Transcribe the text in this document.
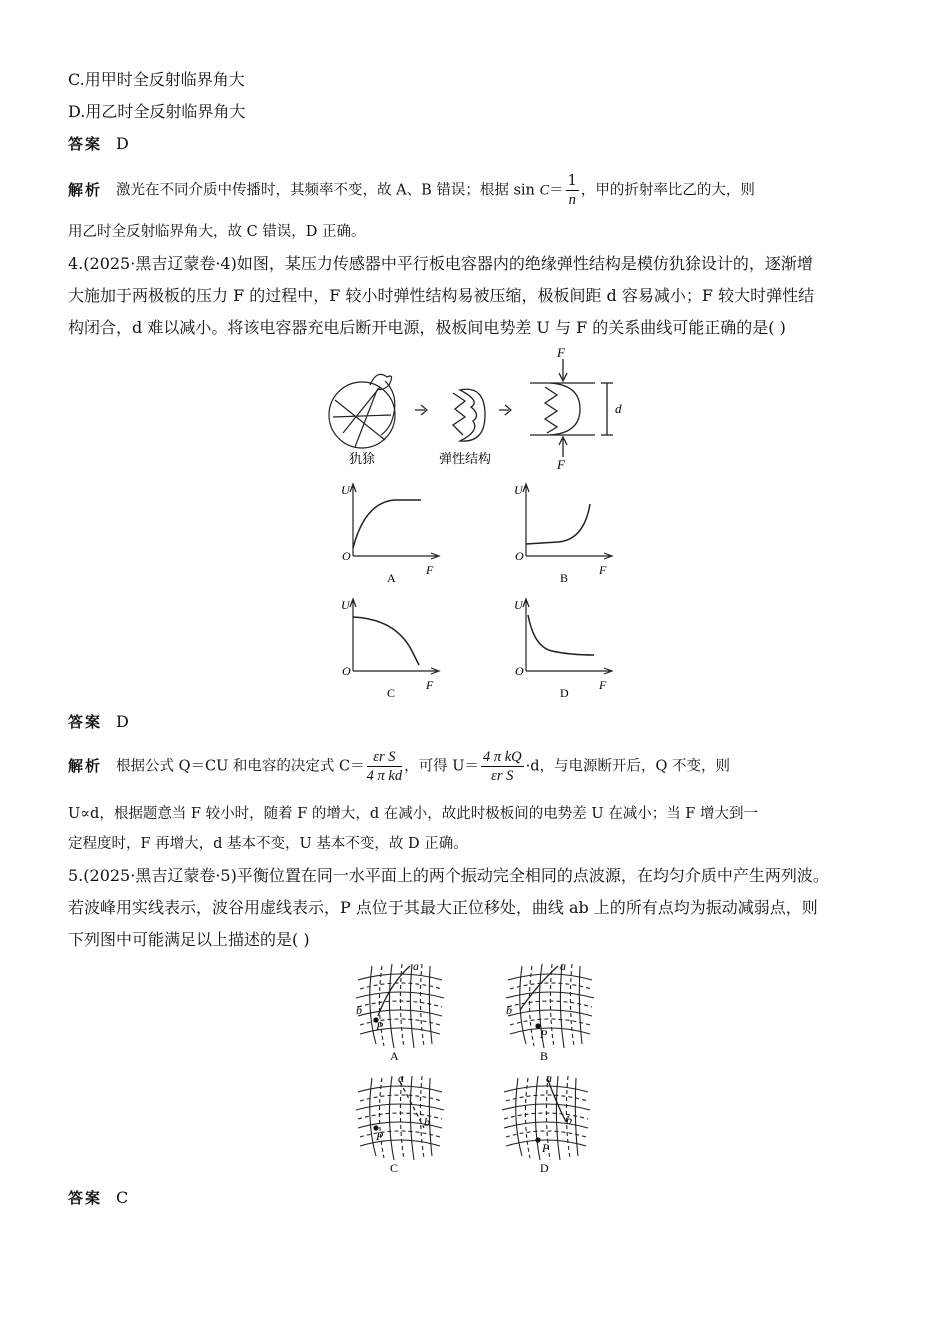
C.用甲时全反射临界角大
D.用乙时全反射临界角大
答案 D
解析 激光在不同介质中传播时，其频率不变，故 A、B 错误；根据 $\sin C= \frac{1}{n}$ ，甲的折射率比乙的大，则
用乙时全反射临界角大，故 C 错误，D 正确。
4.(2025·黑吉辽蒙卷·4)如图，某压力传感器中平行板电容器内的绝缘弹性结构是模仿犰狳设计的，逐渐增
大施加于两极板的压力 F 的过程中，F 较小时弹性结构易被压缩，极板间距 d 容易减小；F 较大时弹性结
构闭合，d 难以减小。将该电容器充电后断开电源，极板间电势差 U 与 F 的关系曲线可能正确的是( )
犰狳	弹性结构
F
F
d
U
O
F
A
U
O
F
B
U
O
F
C
U
O
F
D
答案 D
解析 根据公式 Q＝CU 和电容的决定式 $C= \frac{\text{εr S}}{\text{4 π kd}}$ ，可得 $U= \frac{\text{4 π kQ}}{\text{εr S}} \cdot d$，与电源断开后，Q 不变，则
U∝d，根据题意当 F 较小时，随着 F 的增大，d 在减小，故此时极板间的电势差 U 在减小；当 F 增大到一
定程度时，F 再增大，d 基本不变，U 基本不变，故 D 正确。
5.(2025·黑吉辽蒙卷·5)平衡位置在同一水平面上的两个振动完全相同的点波源，在均匀介质中产生两列波。
若波峰用实线表示，波谷用虚线表示，P 点位于其最大正位移处，曲线 ab 上的所有点均为振动减弱点，则
下列图中可能满足以上描述的是( )
a
b
P
A
a
b
P
B
a
b
P
C
a
b
P
D
答案 C
